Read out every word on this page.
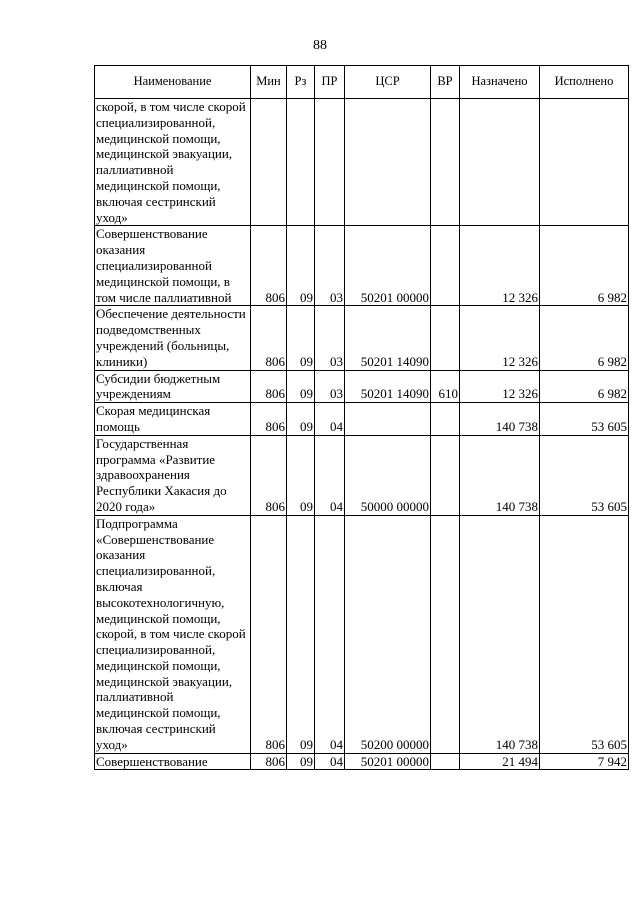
88
Наименование	Мин	Рз	ПР	ЦСР	ВР	Назначено	Исполнено
скорой, в том числе скорой специализированной, медицинской помощи, медицинской эвакуации, паллиативной медицинской помощи, включая сестринский уход»							
Совершенствование оказания специализированной медицинской помощи, в том числе паллиативной	806	09	03	50201 00000		12 326	6 982
Обеспечение деятельности подведомственных учреждений (больницы, клиники)	806	09	03	50201 14090		12 326	6 982
Субсидии бюджетным учреждениям	806	09	03	50201 14090	610	12 326	6 982
Скорая медицинская помощь	806	09	04			140 738	53 605
Государственная программа «Развитие здравоохранения Республики Хакасия до 2020 года»	806	09	04	50000 00000		140 738	53 605
Подпрограмма «Совершенствование оказания специализированной, включая высокотехнологичную, медицинской помощи, скорой, в том числе скорой специализированной, медицинской помощи, медицинской эвакуации, паллиативной медицинской помощи, включая сестринский уход»	806	09	04	50200 00000		140 738	53 605
Совершенствование	806	09	04	50201 00000		21 494	7 942
